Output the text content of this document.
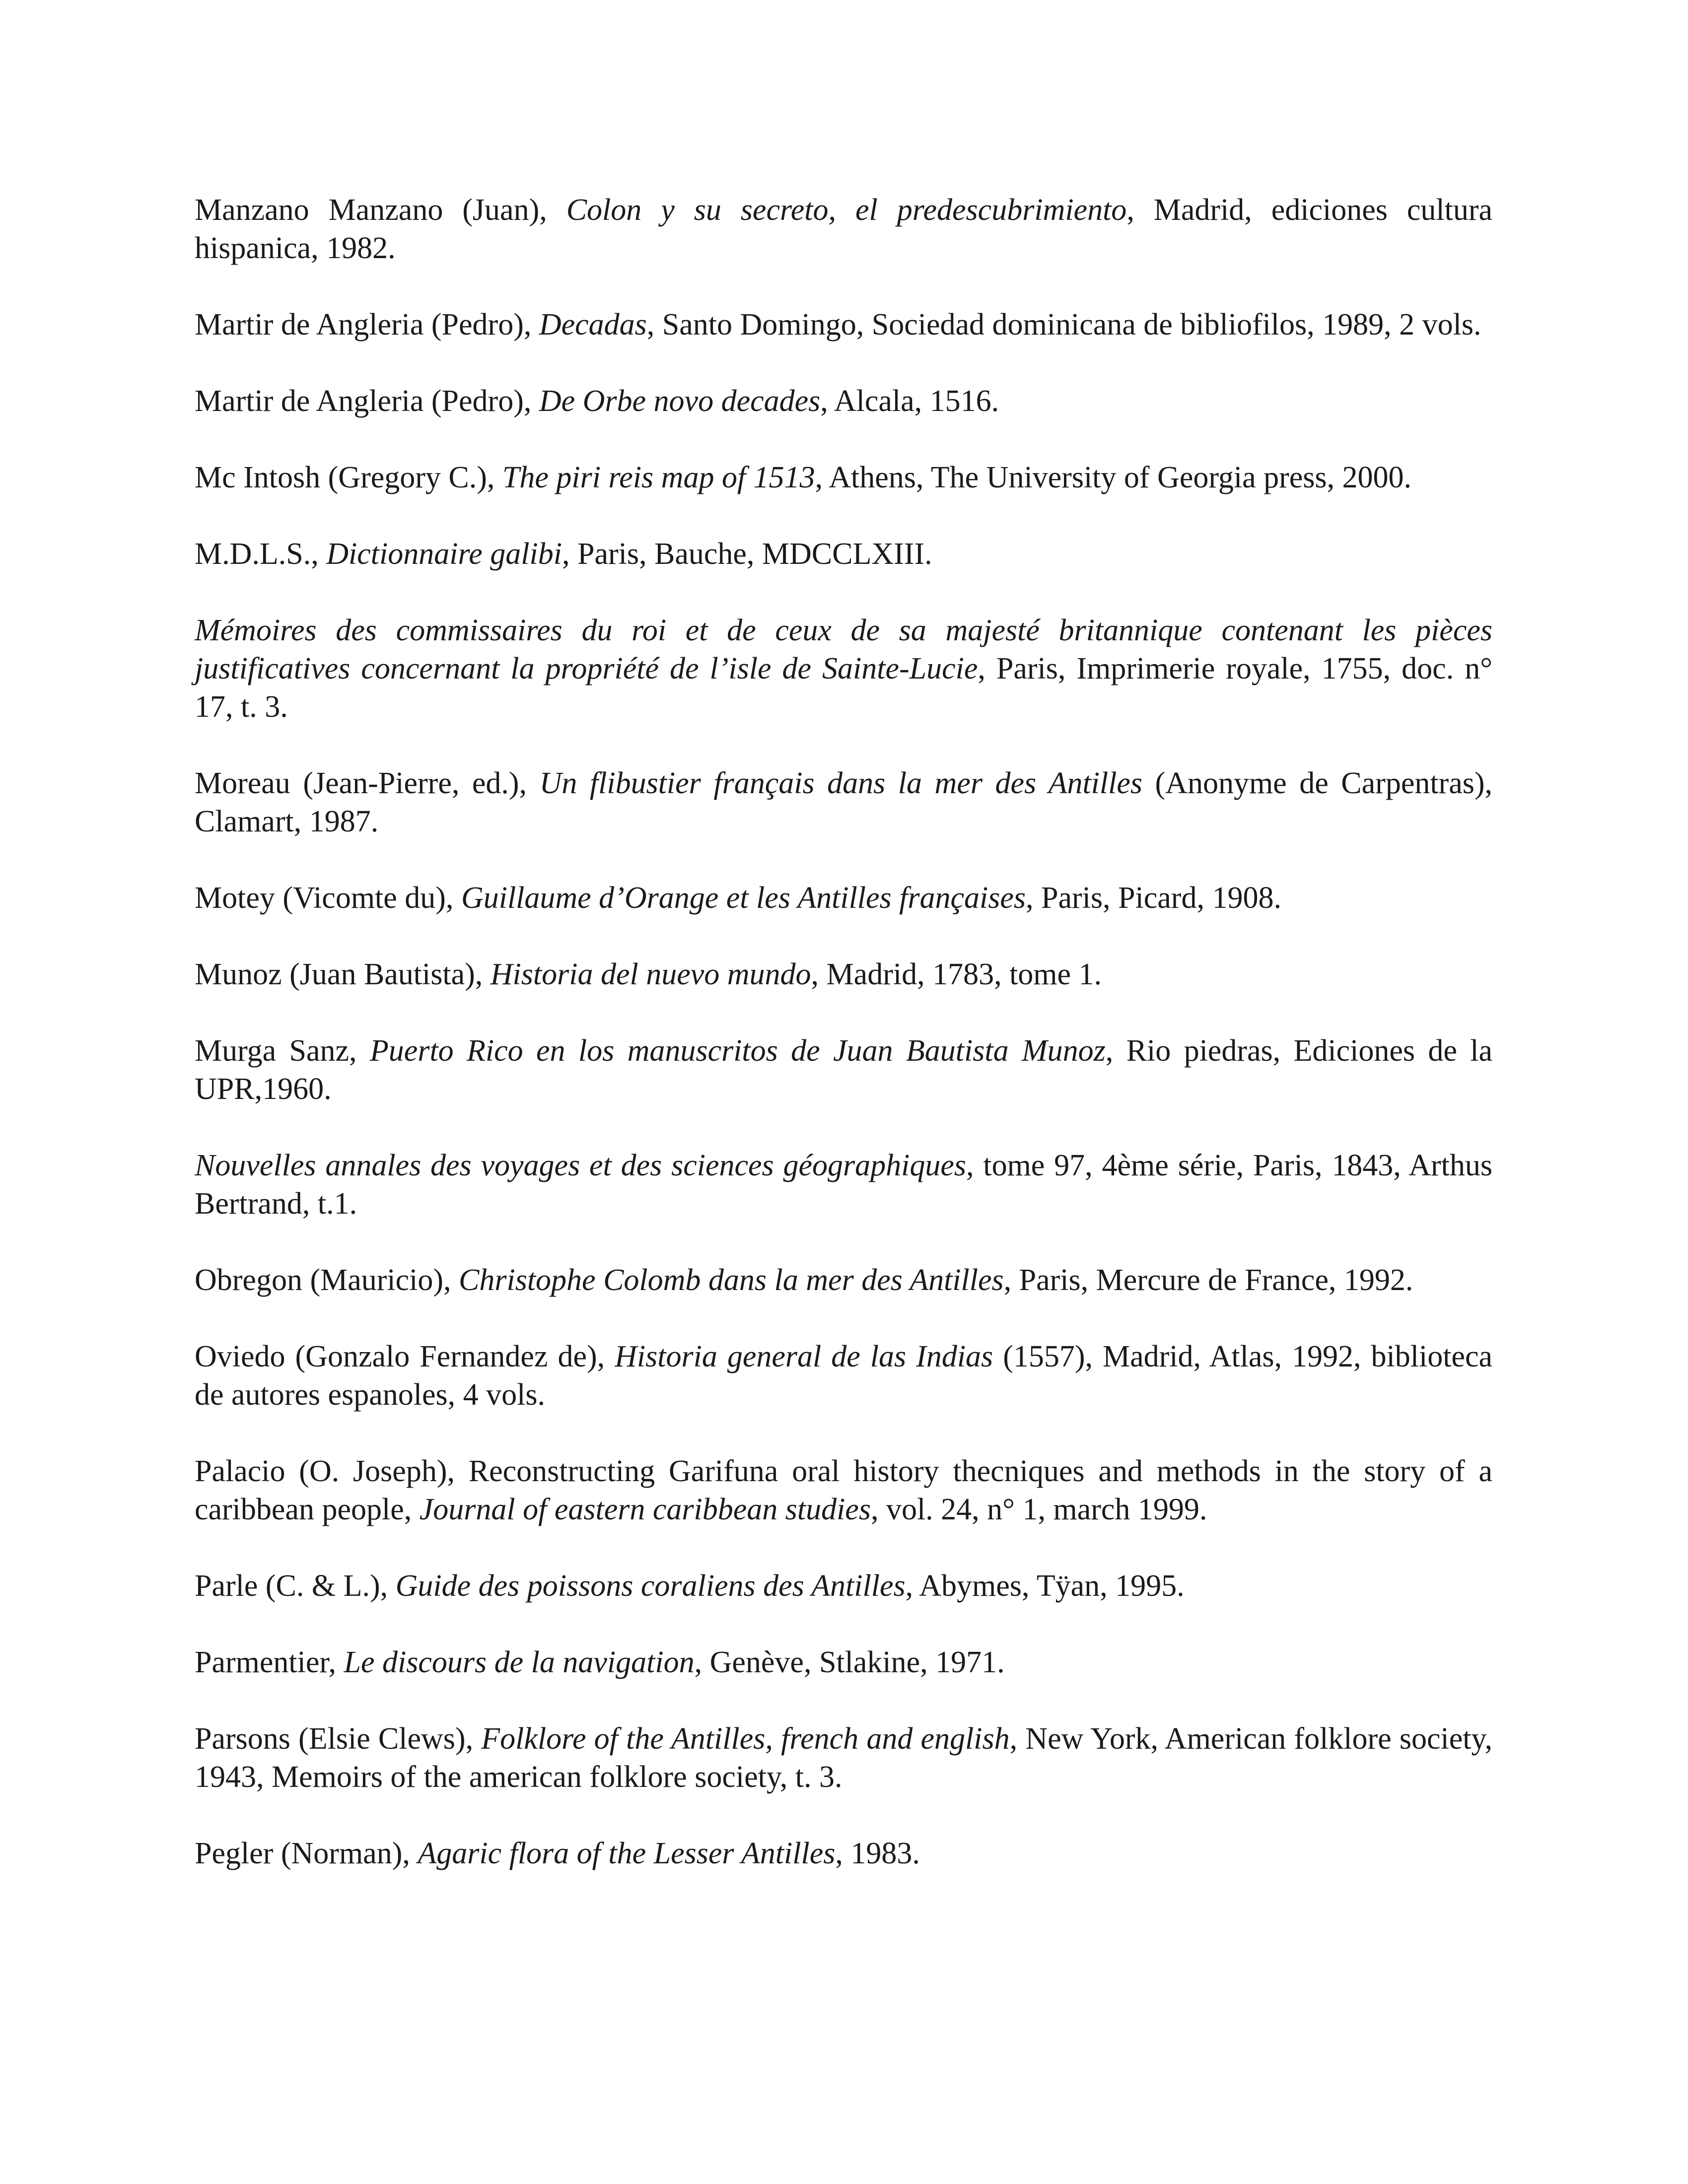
Manzano Manzano (Juan), Colon y su secreto, el predescubrimiento, Madrid, ediciones cultura hispanica, 1982.

Martir de Angleria (Pedro), Decadas, Santo Domingo, Sociedad dominicana de bibliofilos, 1989, 2 vols.

Martir de Angleria (Pedro), De Orbe novo decades, Alcala, 1516.

Mc Intosh (Gregory C.), The piri reis map of 1513, Athens, The University of Georgia press, 2000.

M.D.L.S., Dictionnaire galibi, Paris, Bauche, MDCCLXIII.

Mémoires des commissaires du roi et de ceux de sa majesté britannique contenant les pièces justificatives concernant la propriété de l’isle de Sainte-Lucie, Paris, Imprimerie royale, 1755, doc. n° 17, t. 3.

Moreau (Jean-Pierre, ed.), Un flibustier français dans la mer des Antilles (Anonyme de Carpentras), Clamart, 1987.

Motey (Vicomte du), Guillaume d’Orange et les Antilles françaises, Paris, Picard, 1908.

Munoz (Juan Bautista), Historia del nuevo mundo, Madrid, 1783, tome 1.

Murga Sanz, Puerto Rico en los manuscritos de Juan Bautista Munoz, Rio piedras, Ediciones de la UPR,1960.

Nouvelles annales des voyages et des sciences géographiques, tome 97, 4ème série, Paris, 1843, Arthus Bertrand, t.1.

Obregon (Mauricio), Christophe Colomb dans la mer des Antilles, Paris, Mercure de France, 1992.

Oviedo (Gonzalo Fernandez de), Historia general de las Indias (1557), Madrid, Atlas, 1992, biblioteca de autores espanoles, 4 vols.

Palacio (O. Joseph), Reconstructing Garifuna oral history thecniques and methods in the story of a caribbean people, Journal of eastern caribbean studies, vol. 24, n° 1, march 1999.

Parle (C. & L.), Guide des poissons coraliens des Antilles, Abymes, Tÿan, 1995.

Parmentier, Le discours de la navigation, Genève, Stlakine, 1971.

Parsons (Elsie Clews), Folklore of the Antilles, french and english, New York, American folklore society, 1943, Memoirs of the american folklore society, t. 3.

Pegler (Norman), Agaric flora of the Lesser Antilles, 1983.
